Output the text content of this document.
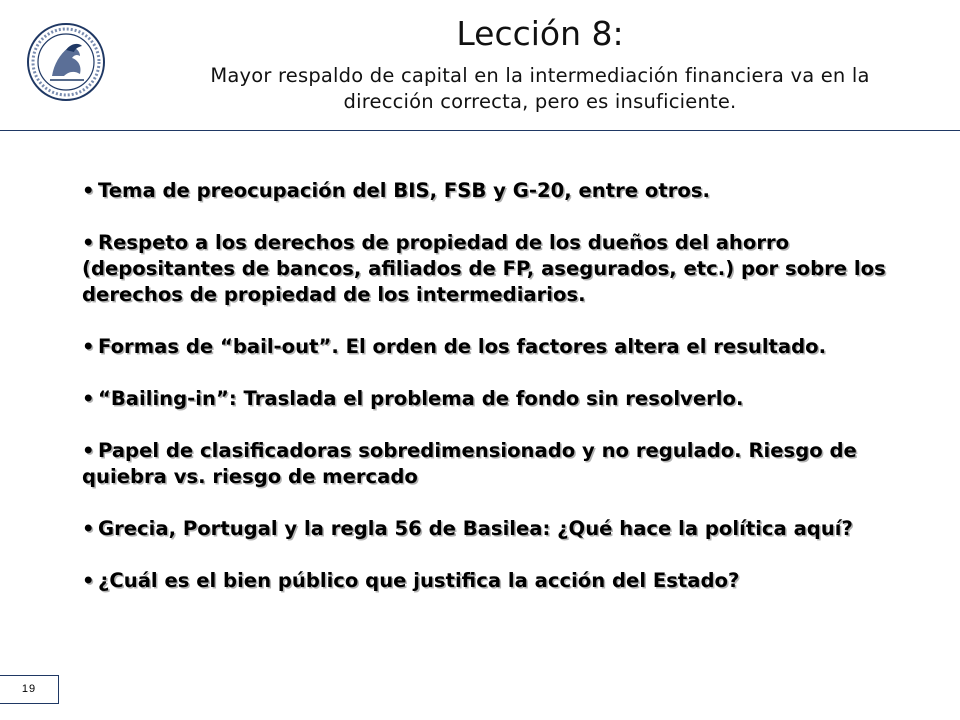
Lección 8:
Mayor respaldo de capital en la intermediación financiera va en la
dirección correcta, pero es insuficiente.
• Tema de preocupación del BIS, FSB y G-20, entre otros.
• Respeto a los derechos de propiedad de los dueños del ahorro (depositantes de bancos, afiliados de FP, asegurados, etc.) por sobre los derechos de propiedad de los intermediarios.
• Formas de “bail-out”. El orden de los factores altera el resultado.
• “Bailing-in”: Traslada el problema de fondo sin resolverlo.
• Papel de clasificadoras sobredimensionado y no regulado. Riesgo de quiebra vs. riesgo de mercado
• Grecia, Portugal y la regla 56 de Basilea: ¿Qué hace la política aquí?
• ¿Cuál es el bien público que justifica la acción del Estado?
19
